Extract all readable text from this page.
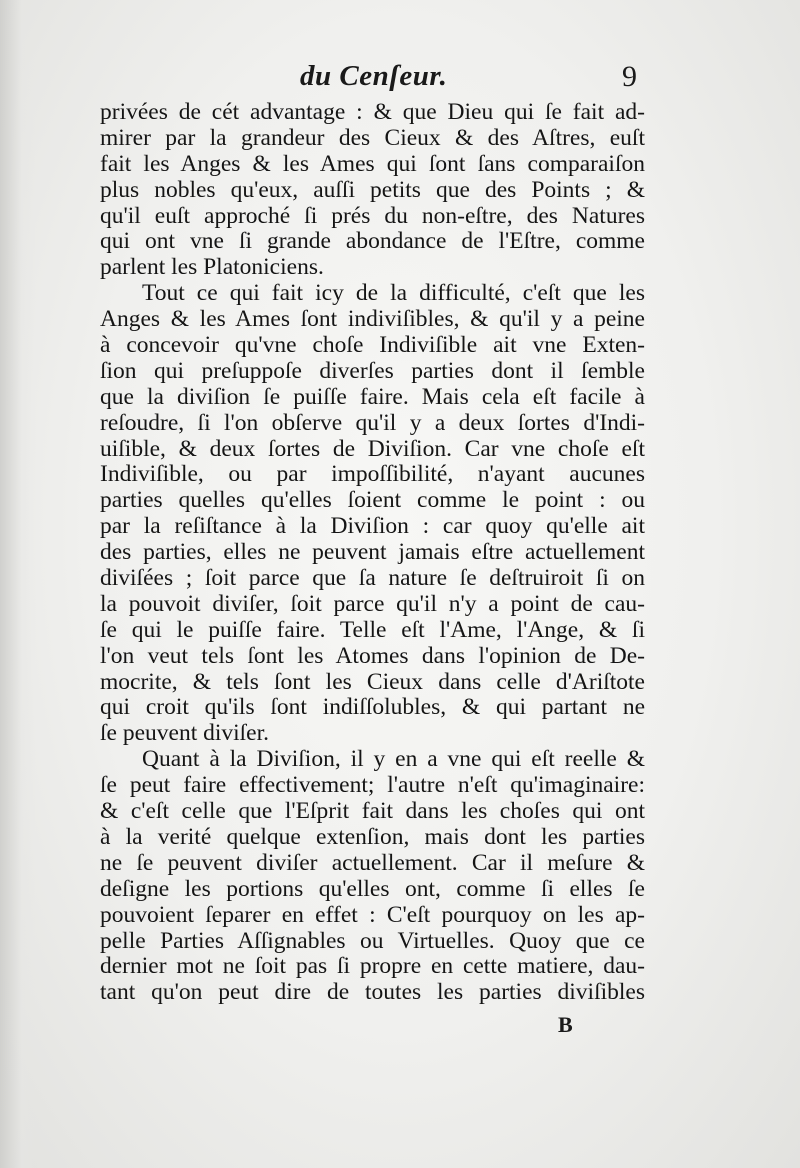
du Cenſeur.	9
privées de cét advantage : & que Dieu qui ſe fait ad-
mirer par la grandeur des Cieux & des Aſtres, euſt
fait les Anges & les Ames qui ſont ſans comparaiſon
plus nobles qu'eux, auſſi petits que des Points ; &
qu'il euſt approché ſi prés du non-eſtre, des Natures
qui ont vne ſi grande abondance de l'Eſtre, comme
parlent les Platoniciens.
Tout ce qui fait icy de la difficulté, c'eſt que les
Anges & les Ames ſont indiviſibles, & qu'il y a peine
à concevoir qu'vne choſe Indiviſible ait vne Exten-
ſion qui preſuppoſe diverſes parties dont il ſemble
que la diviſion ſe puiſſe faire. Mais cela eſt facile à
reſoudre, ſi l'on obſerve qu'il y a deux ſortes d'Indi-
uiſible, & deux ſortes de Diviſion. Car vne choſe eſt
Indiviſible, ou par impoſſibilité, n'ayant aucunes
parties quelles qu'elles ſoient comme le point : ou
par la reſiſtance à la Diviſion : car quoy qu'elle ait
des parties, elles ne peuvent jamais eſtre actuellement
diviſées ; ſoit parce que ſa nature ſe deſtruiroit ſi on
la pouvoit diviſer, ſoit parce qu'il n'y a point de cau-
ſe qui le puiſſe faire. Telle eſt l'Ame, l'Ange, & ſi
l'on veut tels ſont les Atomes dans l'opinion de De-
mocrite, & tels ſont les Cieux dans celle d'Ariſtote
qui croit qu'ils ſont indiſſolubles, & qui partant ne
ſe peuvent diviſer.
Quant à la Diviſion, il y en a vne qui eſt reelle &
ſe peut faire effectivement; l'autre n'eſt qu'imaginaire:
& c'eſt celle que l'Eſprit fait dans les choſes qui ont
à la verité quelque extenſion, mais dont les parties
ne ſe peuvent diviſer actuellement. Car il meſure &
deſigne les portions qu'elles ont, comme ſi elles ſe
pouvoient ſeparer en effet : C'eſt pourquoy on les ap-
pelle Parties Aſſignables ou Virtuelles. Quoy que ce
dernier mot ne ſoit pas ſi propre en cette matiere, dau-
tant qu'on peut dire de toutes les parties diviſibles
B
